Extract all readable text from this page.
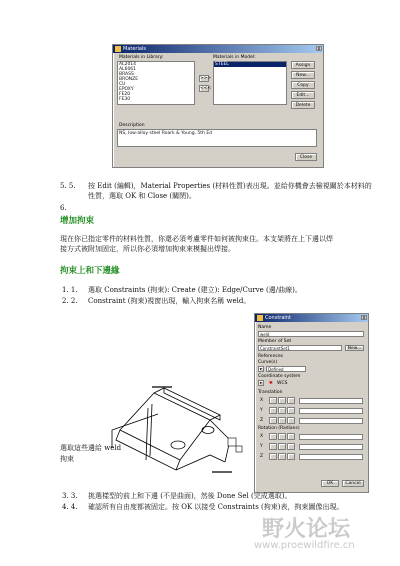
Materials	x
Materials in Library:	Materials in Model:
AL2014
AL6061
BRASS
BRONZE
CU
EPOXY
FE20
FE30
>>>
<<<
STEEL	Assign
New...
Copy
Edit...
Delete
Description
NS, low-alloy steel Roark & Young, 5th Ed
Close
5. 5. 按 Edit (編輯)，Material Properties (材料性質)表出現。並給你機會去檢視關於本材料的性質，選取 OK 和 Close (關閉)。
6.
增加拘束
現在你已指定零件的材料性質，你還必須考慮零件如何被拘束住。本支架將在上下邊以焊
接方式被附加固定，所以你必須增加拘束來模擬出焊接。
拘束上和下邊緣
1. 1. 選取 Constraints (拘束): Create (建立): Edge/Curve (邊/曲線)。
2. 2. Constraint (拘束)視窗出現，輸入拘束名稱 weld。
選取這些邊給 weld
拘束
Constraint	x
Name
weld
Member of Set
ConstraintSet1	New...
References
Curve(s)
▸	Defined
Coordinate system
▸	✱ WCS
Translation
X
Y
Z
Rotation (Radians)
X
Y
Z
OK	Cancel
3. 3. 挑選樣型的前上和下邊 (不是曲面)，然後 Done Sel (完成選取)。
4. 4. 確認所有自由度都被固定。按 OK 以接受 Constraints (拘束)表，拘束圖像出現。
野火论坛
www.proewildfire.cn
